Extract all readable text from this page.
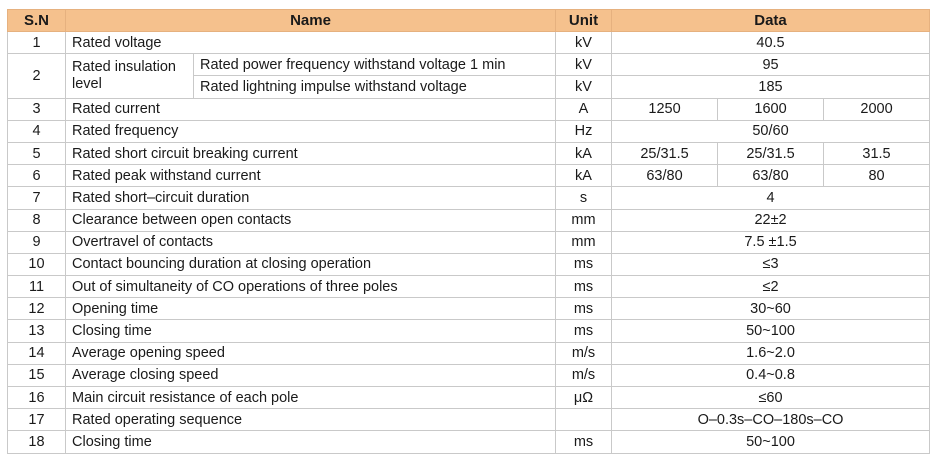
S.N	Name		Unit	Data		
1	Rated voltage		kV	40.5		
2	Rated insulation level	Rated power frequency withstand voltage 1 min	kV	95		
		Rated lightning impulse withstand voltage	kV	185		
3	Rated current		A	1250	1600	2000
4	Rated frequency		Hz	50/60		
5	Rated short circuit breaking current		kA	25/31.5	25/31.5	31.5
6	Rated peak withstand current		kA	63/80	63/80	80
7	Rated short–circuit duration		s	4		
8	Clearance between open contacts		mm	22±2		
9	Overtravel of contacts		mm	7.5 ±1.5		
10	Contact bouncing duration at closing operation		ms	≤3		
11	Out of simultaneity of CO operations of three poles		ms	≤2		
12	Opening time		ms	30~60		
13	Closing time		ms	50~100		
14	Average opening speed		m/s	1.6~2.0		
15	Average closing speed		m/s	0.4~0.8		
16	Main circuit resistance of each pole		μΩ	≤60		
17	Rated operating sequence			O–0.3s–CO–180s–CO		
18	Closing time		ms	50~100		
